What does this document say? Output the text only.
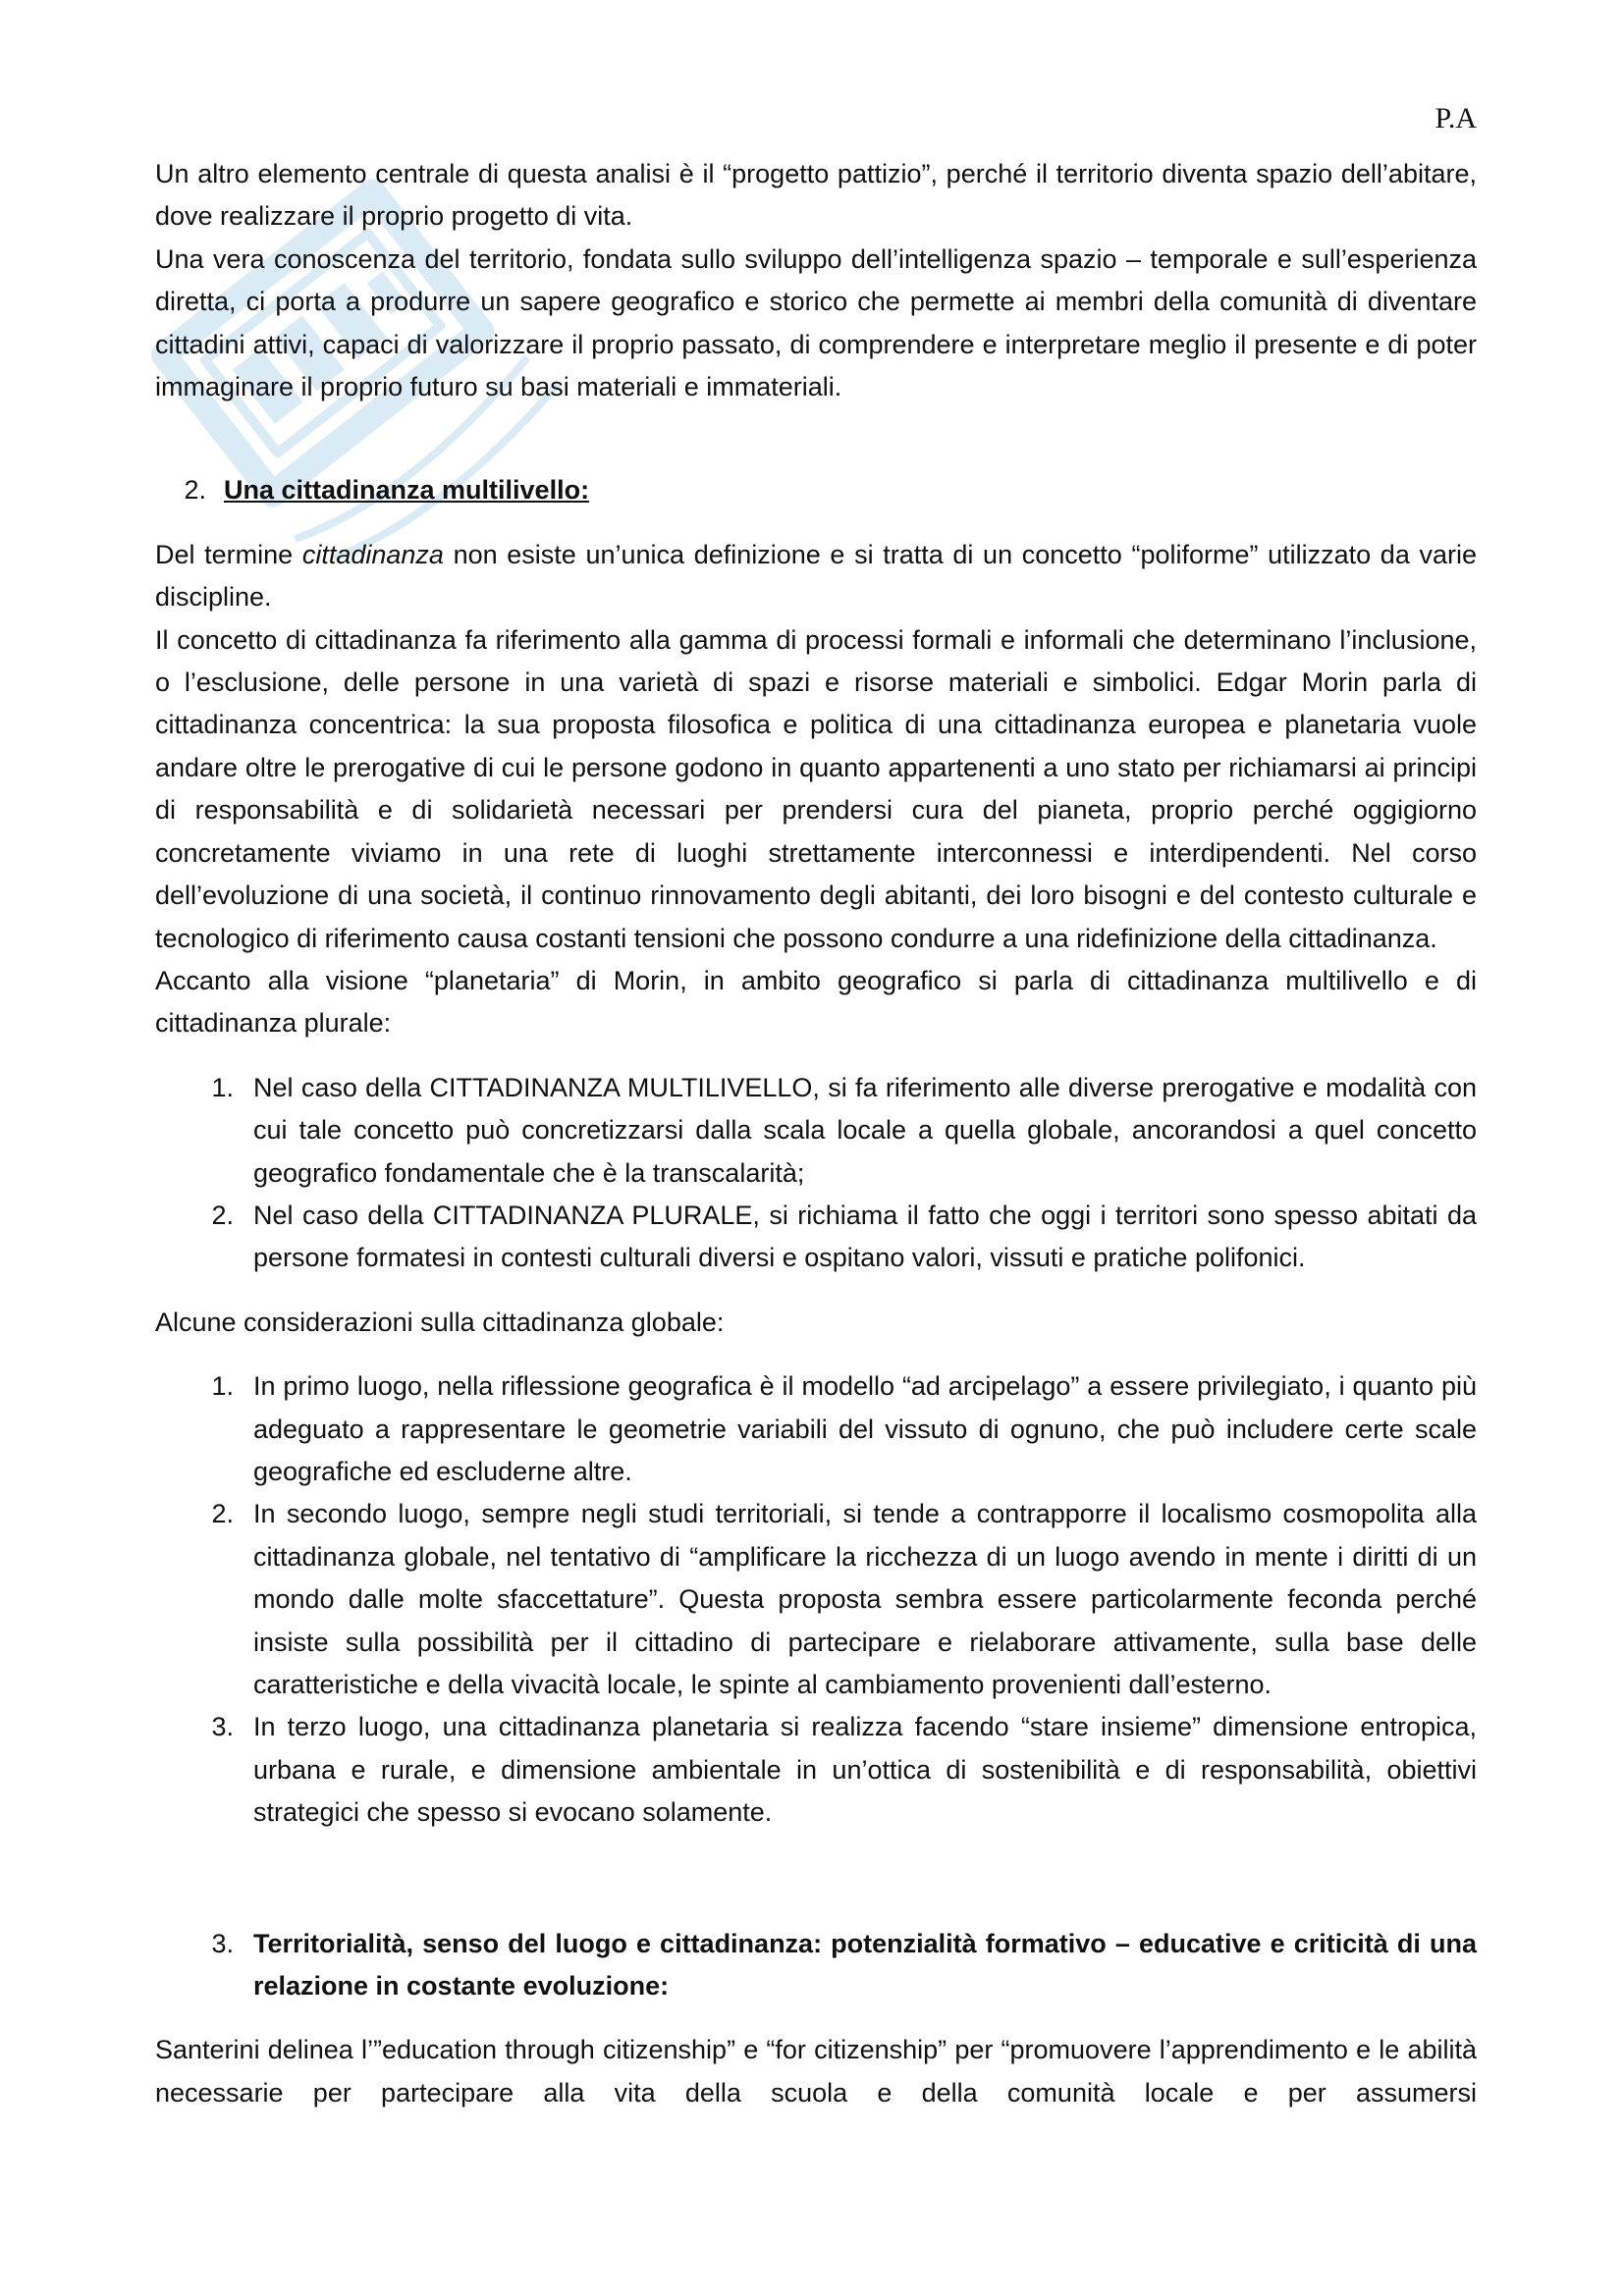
P.A

Un altro elemento centrale di questa analisi è il “progetto pattizio”, perché il territorio diventa spazio dell’abitare, dove realizzare il proprio progetto di vita.

Una vera conoscenza del territorio, fondata sullo sviluppo dell’intelligenza spazio – temporale e sull’esperienza diretta, ci porta a produrre un sapere geografico e storico che permette ai membri della comunità di diventare cittadini attivi, capaci di valorizzare il proprio passato, di comprendere e interpretare meglio il presente e di poter immaginare il proprio futuro su basi materiali e immateriali.

2. Una cittadinanza multilivello:

Del termine cittadinanza non esiste un’unica definizione e si tratta di un concetto “poliforme” utilizzato da varie discipline.

Il concetto di cittadinanza fa riferimento alla gamma di processi formali e informali che determinano l’inclusione, o l’esclusione, delle persone in una varietà di spazi e risorse materiali e simbolici. Edgar Morin parla di cittadinanza concentrica: la sua proposta filosofica e politica di una cittadinanza europea e planetaria vuole andare oltre le prerogative di cui le persone godono in quanto appartenenti a uno stato per richiamarsi ai principi di responsabilità e di solidarietà necessari per prendersi cura del pianeta, proprio perché oggigiorno concretamente viviamo in una rete di luoghi strettamente interconnessi e interdipendenti. Nel corso dell’evoluzione di una società, il continuo rinnovamento degli abitanti, dei loro bisogni e del contesto culturale e tecnologico di riferimento causa costanti tensioni che possono condurre a una ridefinizione della cittadinanza.

Accanto alla visione “planetaria” di Morin, in ambito geografico si parla di cittadinanza multilivello e di cittadinanza plurale:

1. Nel caso della CITTADINANZA MULTILIVELLO, si fa riferimento alle diverse prerogative e modalità con cui tale concetto può concretizzarsi dalla scala locale a quella globale, ancorandosi a quel concetto geografico fondamentale che è la transcalarità;
2. Nel caso della CITTADINANZA PLURALE, si richiama il fatto che oggi i territori sono spesso abitati da persone formatesi in contesti culturali diversi e ospitano valori, vissuti e pratiche polifonici.

Alcune considerazioni sulla cittadinanza globale:

1. In primo luogo, nella riflessione geografica è il modello “ad arcipelago” a essere privilegiato, i quanto più adeguato a rappresentare le geometrie variabili del vissuto di ognuno, che può includere certe scale geografiche ed escluderne altre.
2. In secondo luogo, sempre negli studi territoriali, si tende a contrapporre il localismo cosmopolita alla cittadinanza globale, nel tentativo di “amplificare la ricchezza di un luogo avendo in mente i diritti di un mondo dalle molte sfaccettature”. Questa proposta sembra essere particolarmente feconda perché insiste sulla possibilità per il cittadino di partecipare e rielaborare attivamente, sulla base delle caratteristiche e della vivacità locale, le spinte al cambiamento provenienti dall’esterno.
3. In terzo luogo, una cittadinanza planetaria si realizza facendo “stare insieme” dimensione entropica, urbana e rurale, e dimensione ambientale in un’ottica di sostenibilità e di responsabilità, obiettivi strategici che spesso si evocano solamente.
3. Territorialità, senso del luogo e cittadinanza: potenzialità formativo – educative e criticità di una relazione in costante evoluzione:

Santerini delinea l’”education through citizenship” e “for citizenship” per “promuovere l’apprendimento e le abilità necessarie per partecipare alla vita della scuola e della comunità locale e per assumersi
